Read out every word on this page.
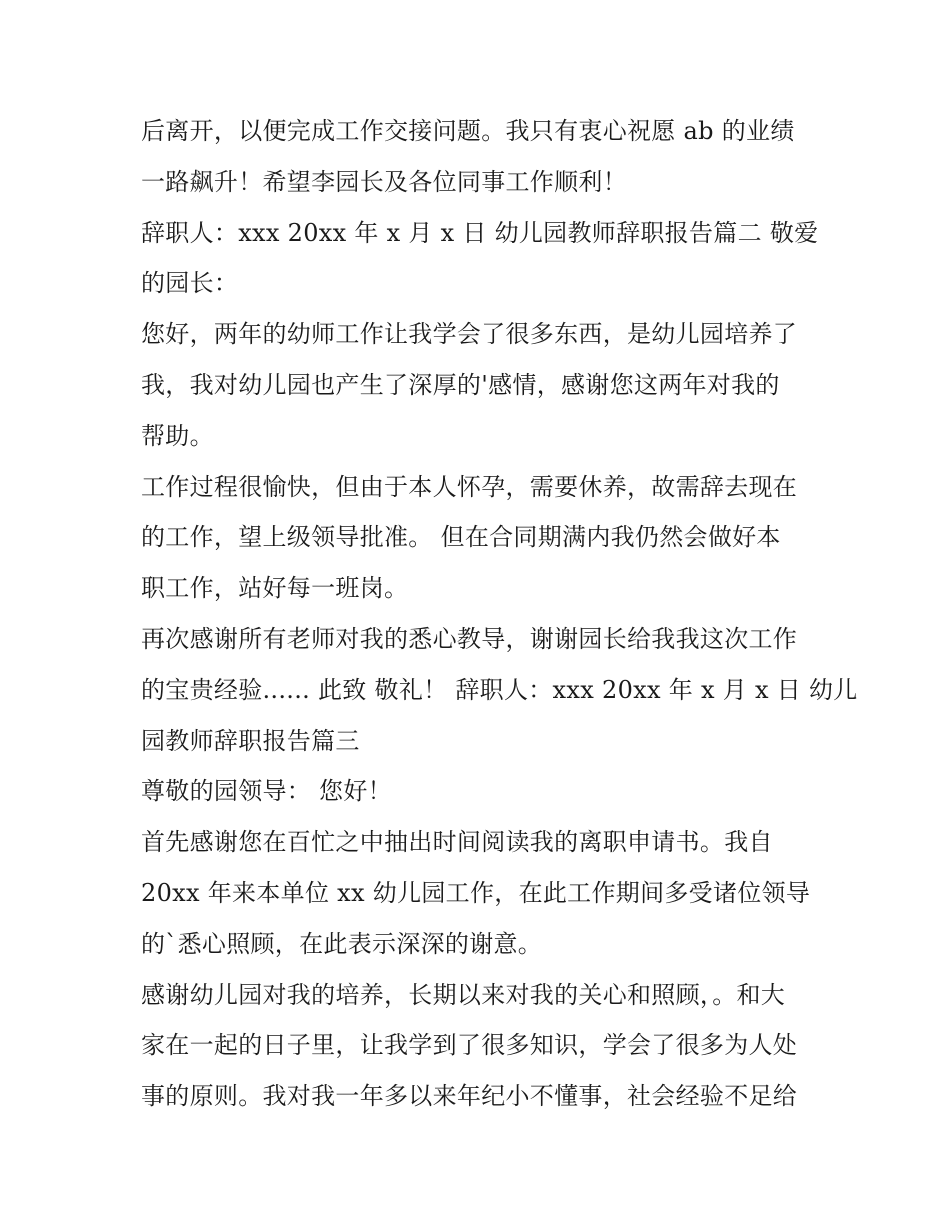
后离开，以便完成工作交接问题。我只有衷心祝愿 ab 的业绩

一路飙升！希望李园长及各位同事工作顺利！

辞职人：xxx 20xx 年 x 月 x 日 幼儿园教师辞职报告篇二 敬爱

的园长：

您好，两年的幼师工作让我学会了很多东西，是幼儿园培养了

我，我对幼儿园也产生了深厚的'感情，感谢您这两年对我的

帮助。

工作过程很愉快，但由于本人怀孕，需要休养，故需辞去现在

的工作，望上级领导批准。 但在合同期满内我仍然会做好本

职工作，站好每一班岗。

再次感谢所有老师对我的悉心教导，谢谢园长给我我这次工作

的宝贵经验...... 此致 敬礼！ 辞职人：xxx 20xx 年 x 月 x 日 幼儿

园教师辞职报告篇三

尊敬的园领导： 您好！

首先感谢您在百忙之中抽出时间阅读我的离职申请书。我自

20xx 年来本单位 xx 幼儿园工作，在此工作期间多受诸位领导

的`悉心照顾，在此表示深深的谢意。

感谢幼儿园对我的培养，长期以来对我的关心和照顾，。和大

家在一起的日子里，让我学到了很多知识，学会了很多为人处

事的原则。我对我一年多以来年纪小不懂事，社会经验不足给
